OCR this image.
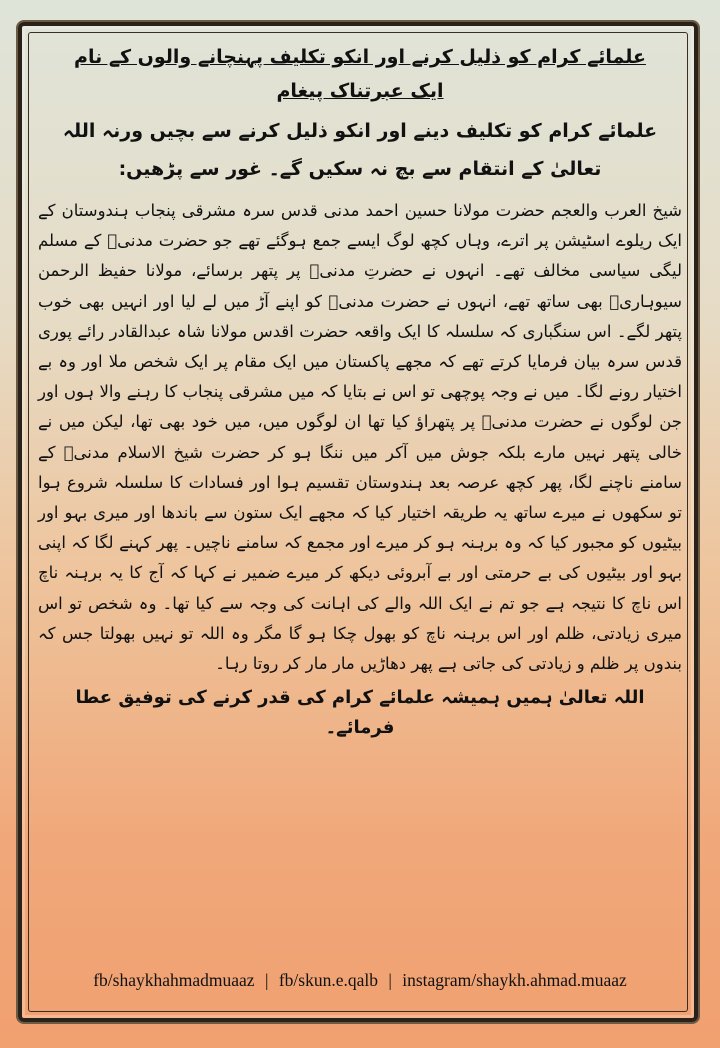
علمائے کرام کو ذلیل کرنے اور انکو تکلیف پہنچانے والوں کے نام

ایک عبرتناک پیغام

علمائے کرام کو تکلیف دینے اور انکو ذلیل کرنے سے بچیں ورنہ اللہ تعالیٰ کے انتقام سے بچ نہ سکیں گے۔ غور سے پڑھیں:

شیخ العرب والعجم حضرت مولانا حسین احمد مدنی قدس سرہ مشرقی پنجاب ہندوستان کے ایک ریلوے اسٹیشن پر اترے، وہاں کچھ لوگ ایسے جمع ہوگئے تھے جو حضرت مدنیؒ کے مسلم لیگی سیاسی مخالف تھے۔ انہوں نے حضرتِ مدنیؒ پر پتھر برسائے، مولانا حفیظ الرحمن سیوہاریؒ بھی ساتھ تھے، انہوں نے حضرت مدنیؒ کو اپنے آڑ میں لے لیا اور انہیں بھی خوب پتھر لگے۔ اس سنگباری کہ سلسلہ کا ایک واقعہ حضرت اقدس مولانا شاہ عبدالقادر رائے پوری قدس سرہ بیان فرمایا کرتے تھے کہ مجھے پاکستان میں ایک مقام پر ایک شخص ملا اور وہ بے اختیار رونے لگا۔ میں نے وجہ پوچھی تو اس نے بتایا کہ میں مشرقی پنجاب کا رہنے والا ہوں اور جن لوگوں نے حضرت مدنیؒ پر پتھراؤ کیا تھا ان لوگوں میں، میں خود بھی تھا، لیکن میں نے خالی پتھر نہیں مارے بلکہ جوش میں آکر میں ننگا ہو کر حضرت شیخ الاسلام مدنیؒ کے سامنے ناچنے لگا، پھر کچھ عرصہ بعد ہندوستان تقسیم ہوا اور فسادات کا سلسلہ شروع ہوا تو سکھوں نے میرے ساتھ یہ طریقہ اختیار کیا کہ مجھے ایک ستون سے باندھا اور میری بہو اور بیٹیوں کو مجبور کیا کہ وہ برہنہ ہو کر میرے اور مجمع کہ سامنے ناچیں۔ پھر کہنے لگا کہ اپنی بہو اور بیٹیوں کی بے حرمتی اور بے آبروئی دیکھ کر میرے ضمیر نے کہا کہ آج کا یہ برہنہ ناچ اس ناچ کا نتیجہ ہے جو تم نے ایک اللہ والے کی اہانت کی وجہ سے کیا تھا۔ وہ شخص تو اس میری زیادتی، ظلم اور اس برہنہ ناچ کو بھول چکا ہو گا مگر وہ اللہ تو نہیں بھولتا جس کہ بندوں پر ظلم و زیادتی کی جاتی ہے پھر دھاڑیں مار مار کر روتا رہا۔

اللہ تعالیٰ ہمیں ہمیشہ علمائے کرام کی قدر کرنے کی توفیق عطا فرمائے۔

fb/shaykhahmadmuaaz | fb/skun.e.qalb | instagram/shaykh.ahmad.muaaz
